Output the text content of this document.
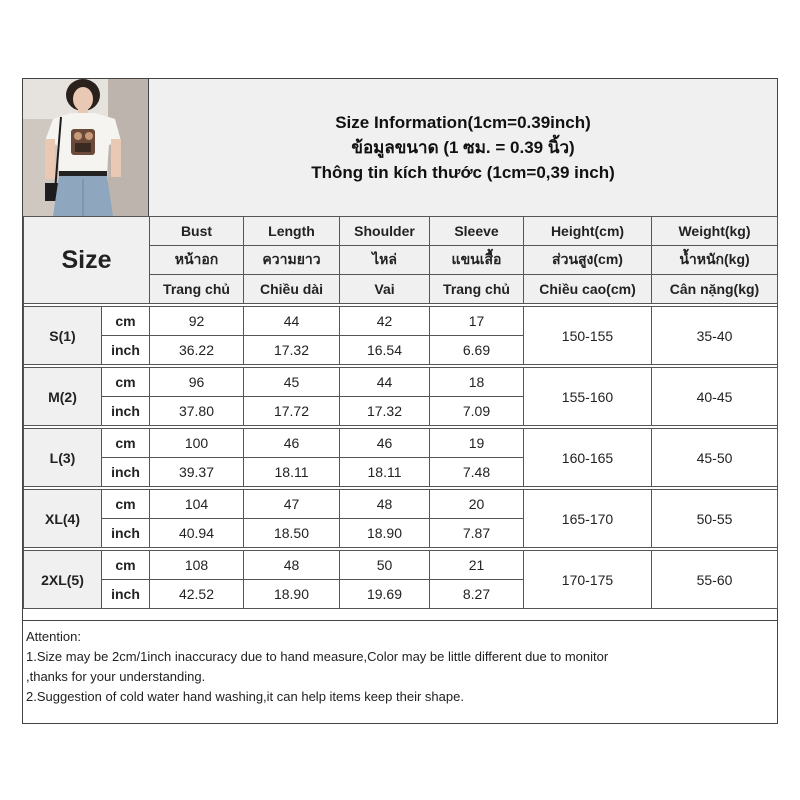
Size Information(1cm=0.39inch)
ข้อมูลขนาด (1 ซม. = 0.39 นิ้ว)
Thông tin kích thước (1cm=0,39 inch)
Size		Bust	Length	Shoulder	Sleeve	Height(cm)	Weight(kg)
		หน้าอก	ความยาว	ไหล่	แขนเสื้อ	ส่วนสูง(cm)	น้ำหนัก(kg)
		Trang chủ	Chiều dài	Vai	Trang chủ	Chiều cao(cm)	Cân nặng(kg)

S(1)	cm	92	44	42	17	150-155	35-40
	inch	36.22	17.32	16.54	6.69		

M(2)	cm	96	45	44	18	155-160	40-45
	inch	37.80	17.72	17.32	7.09		

L(3)	cm	100	46	46	19	160-165	45-50
	inch	39.37	18.11	18.11	7.48		

XL(4)	cm	104	47	48	20	165-170	50-55
	inch	40.94	18.50	18.90	7.87		

2XL(5)	cm	108	48	50	21	170-175	55-60
	inch	42.52	18.90	19.69	8.27		
Attention:
1.Size may be 2cm/1inch inaccuracy due to hand measure,Color may be little different due to monitor
,thanks for your understanding.
2.Suggestion of cold water hand washing,it can help items keep their shape.
